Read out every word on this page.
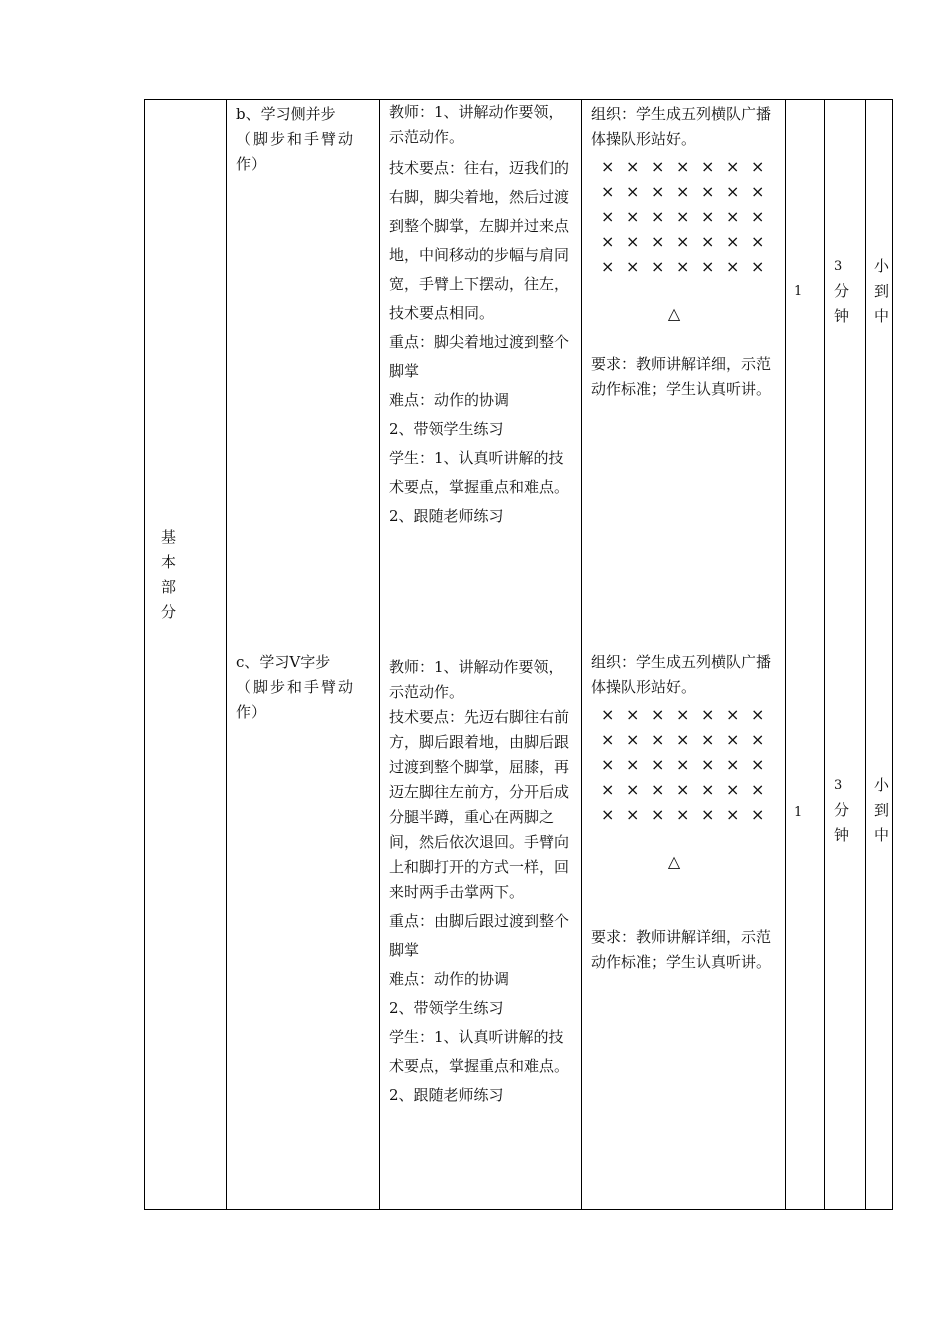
基
本
部
分
b、学习侧并步
（脚步和手臂动
作）
教师：1、讲解动作要领，示范动作。
技术要点：往右，迈我们的右脚，脚尖着地，然后过渡到整个脚掌，左脚并过来点地，中间移动的步幅与肩同宽，手臂上下摆动，往左，技术要点相同。
重点：脚尖着地过渡到整个脚掌
难点：动作的协调
2、带领学生练习
学生：1、认真听讲解的技术要点，掌握重点和难点。
2、跟随老师练习
组织：学生成五列横队广播体操队形站好。
× × × × × × ×
× × × × × × ×
× × × × × × ×
× × × × × × ×
× × × × × × ×
△
要求：教师讲解详细，示范动作标准；学生认真听讲。
1
3
分
钟
小
到
中
c、学习Ⅴ字步
（脚步和手臂动
作）
教师：1、讲解动作要领，示范动作。
技术要点：先迈右脚往右前方，脚后跟着地，由脚后跟过渡到整个脚掌，屈膝，再迈左脚往左前方，分开后成分腿半蹲，重心在两脚之间，然后依次退回。手臂向上和脚打开的方式一样，回来时两手击掌两下。
重点：由脚后跟过渡到整个脚掌
难点：动作的协调
2、带领学生练习
学生：1、认真听讲解的技术要点，掌握重点和难点。
2、跟随老师练习
组织：学生成五列横队广播体操队形站好。
× × × × × × ×
× × × × × × ×
× × × × × × ×
× × × × × × ×
× × × × × × ×
△
要求：教师讲解详细，示范动作标准；学生认真听讲。
1
3
分
钟
小
到
中
